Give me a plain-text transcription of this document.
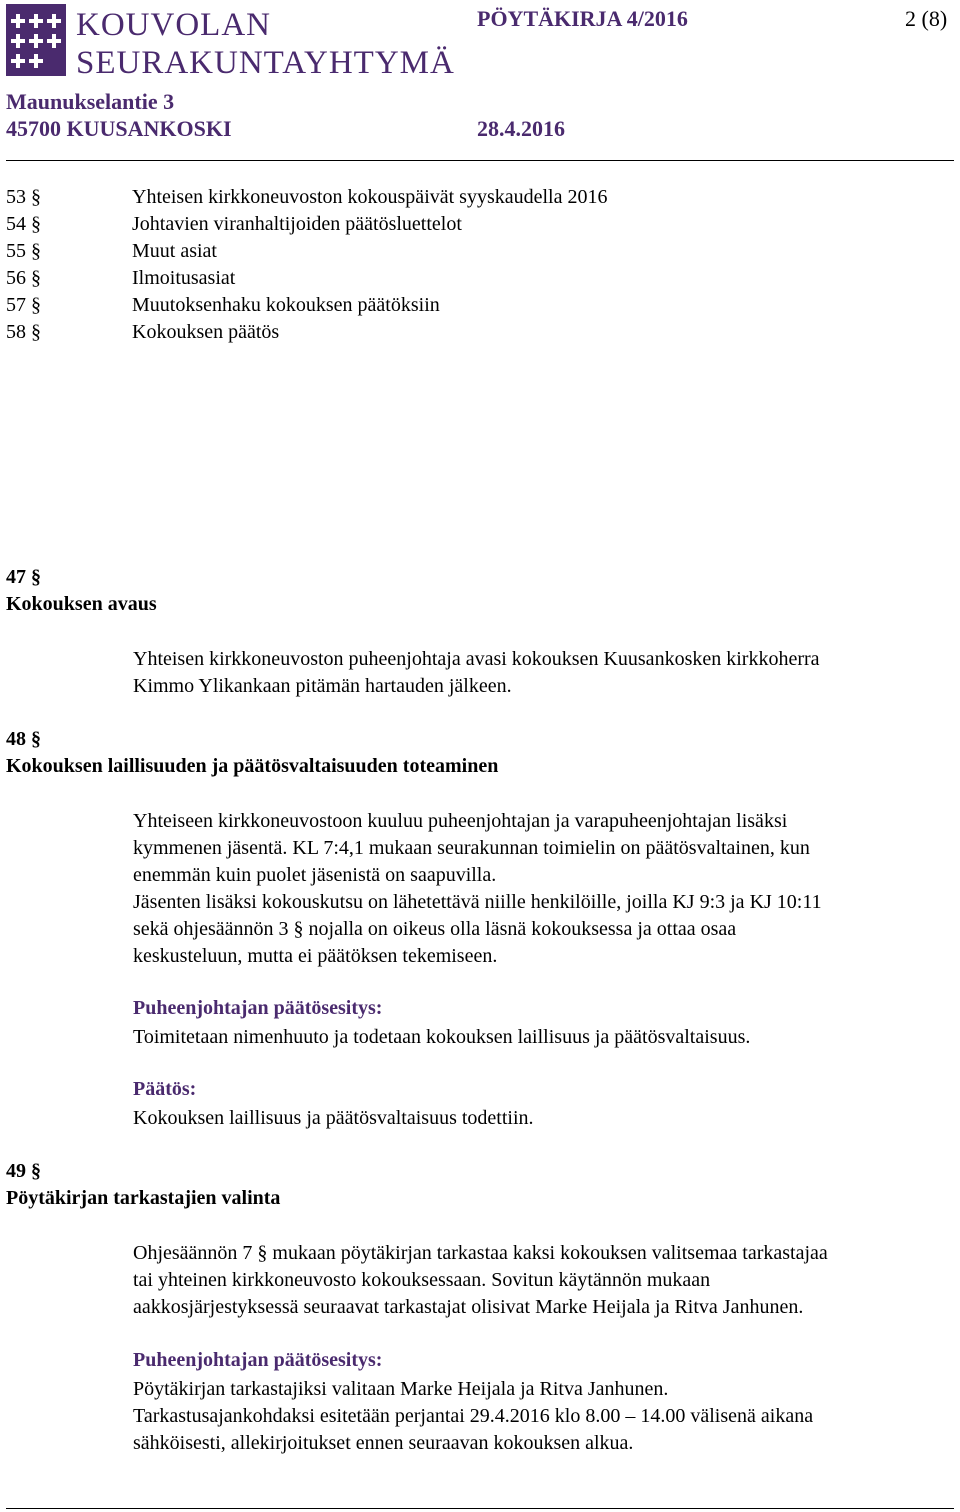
KOUVOLAN
SEURAKUNTAYHTYMÄ
PÖYTÄKIRJA 4/2016	2 (8)
Maunukselantie 3
45700 KUUSANKOSKI	28.4.2016
53 §	Yhteisen kirkkoneuvoston kokouspäivät syyskaudella 2016
54 §	Johtavien viranhaltijoiden päätösluettelot
55 §	Muut asiat
56 §	Ilmoitusasiat
57 §	Muutoksenhaku kokouksen päätöksiin
58 §	Kokouksen päätös
47 §
Kokouksen avaus
Yhteisen kirkkoneuvoston puheenjohtaja avasi kokouksen Kuusankosken kirkkoherra
Kimmo Ylikankaan pitämän hartauden jälkeen.
48 §
Kokouksen laillisuuden ja päätösvaltaisuuden toteaminen
Yhteiseen kirkkoneuvostoon kuuluu puheenjohtajan ja varapuheenjohtajan lisäksi
kymmenen jäsentä. KL 7:4,1 mukaan seurakunnan toimielin on päätösvaltainen, kun
enemmän kuin puolet jäsenistä on saapuvilla.
Jäsenten lisäksi kokouskutsu on lähetettävä niille henkilöille, joilla KJ 9:3 ja KJ 10:11
sekä ohjesäännön 3 § nojalla on oikeus olla läsnä kokouksessa ja ottaa osaa
keskusteluun, mutta ei päätöksen tekemiseen.
Puheenjohtajan päätösesitys:
Toimitetaan nimenhuuto ja todetaan kokouksen laillisuus ja päätösvaltaisuus.
Päätös:
Kokouksen laillisuus ja päätösvaltaisuus todettiin.
49 §
Pöytäkirjan tarkastajien valinta
Ohjesäännön 7 § mukaan pöytäkirjan tarkastaa kaksi kokouksen valitsemaa tarkastajaa
tai yhteinen kirkkoneuvosto kokouksessaan. Sovitun käytännön mukaan
aakkosjärjestyksessä seuraavat tarkastajat olisivat Marke Heijala ja Ritva Janhunen.
Puheenjohtajan päätösesitys:
Pöytäkirjan tarkastajiksi valitaan Marke Heijala ja Ritva Janhunen.
Tarkastusajankohdaksi esitetään perjantai 29.4.2016 klo 8.00 – 14.00 välisenä aikana
sähköisesti, allekirjoitukset ennen seuraavan kokouksen alkua.
